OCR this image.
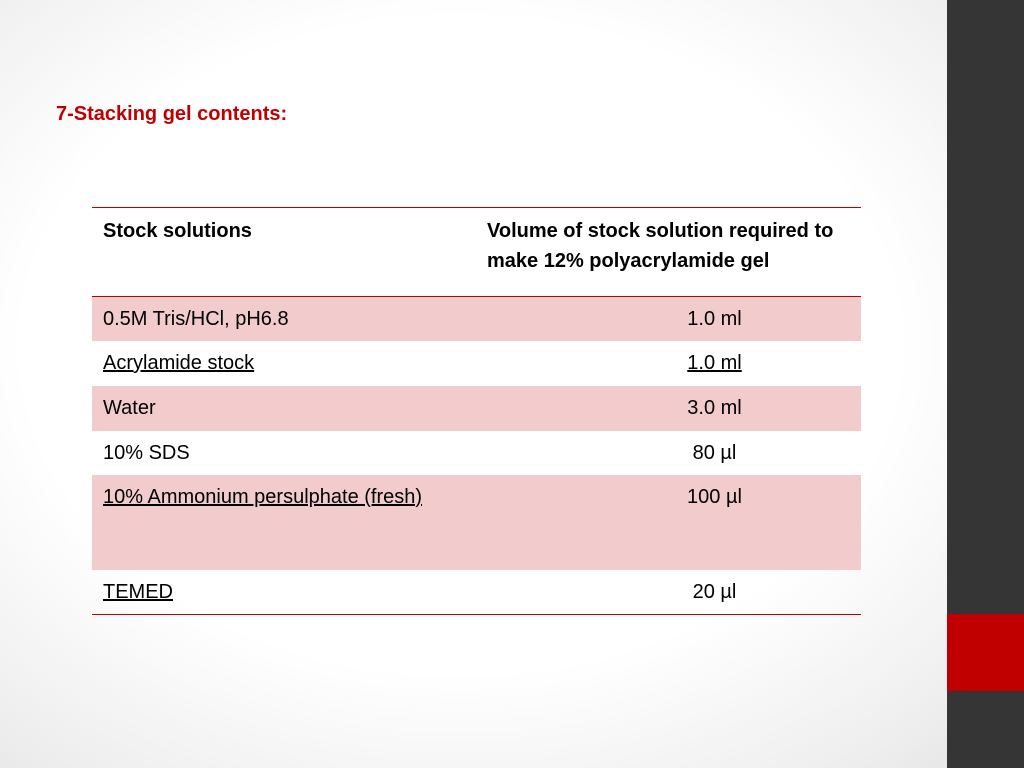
7-Stacking gel contents:
Stock solutions	Volume of stock solution required to make 12% polyacrylamide gel
0.5M Tris/HCl, pH6.8	1.0 ml
Acrylamide stock	1.0 ml
Water	3.0 ml
10% SDS	80 µl
10% Ammonium persulphate (fresh)	100 µl
TEMED	20 µl
